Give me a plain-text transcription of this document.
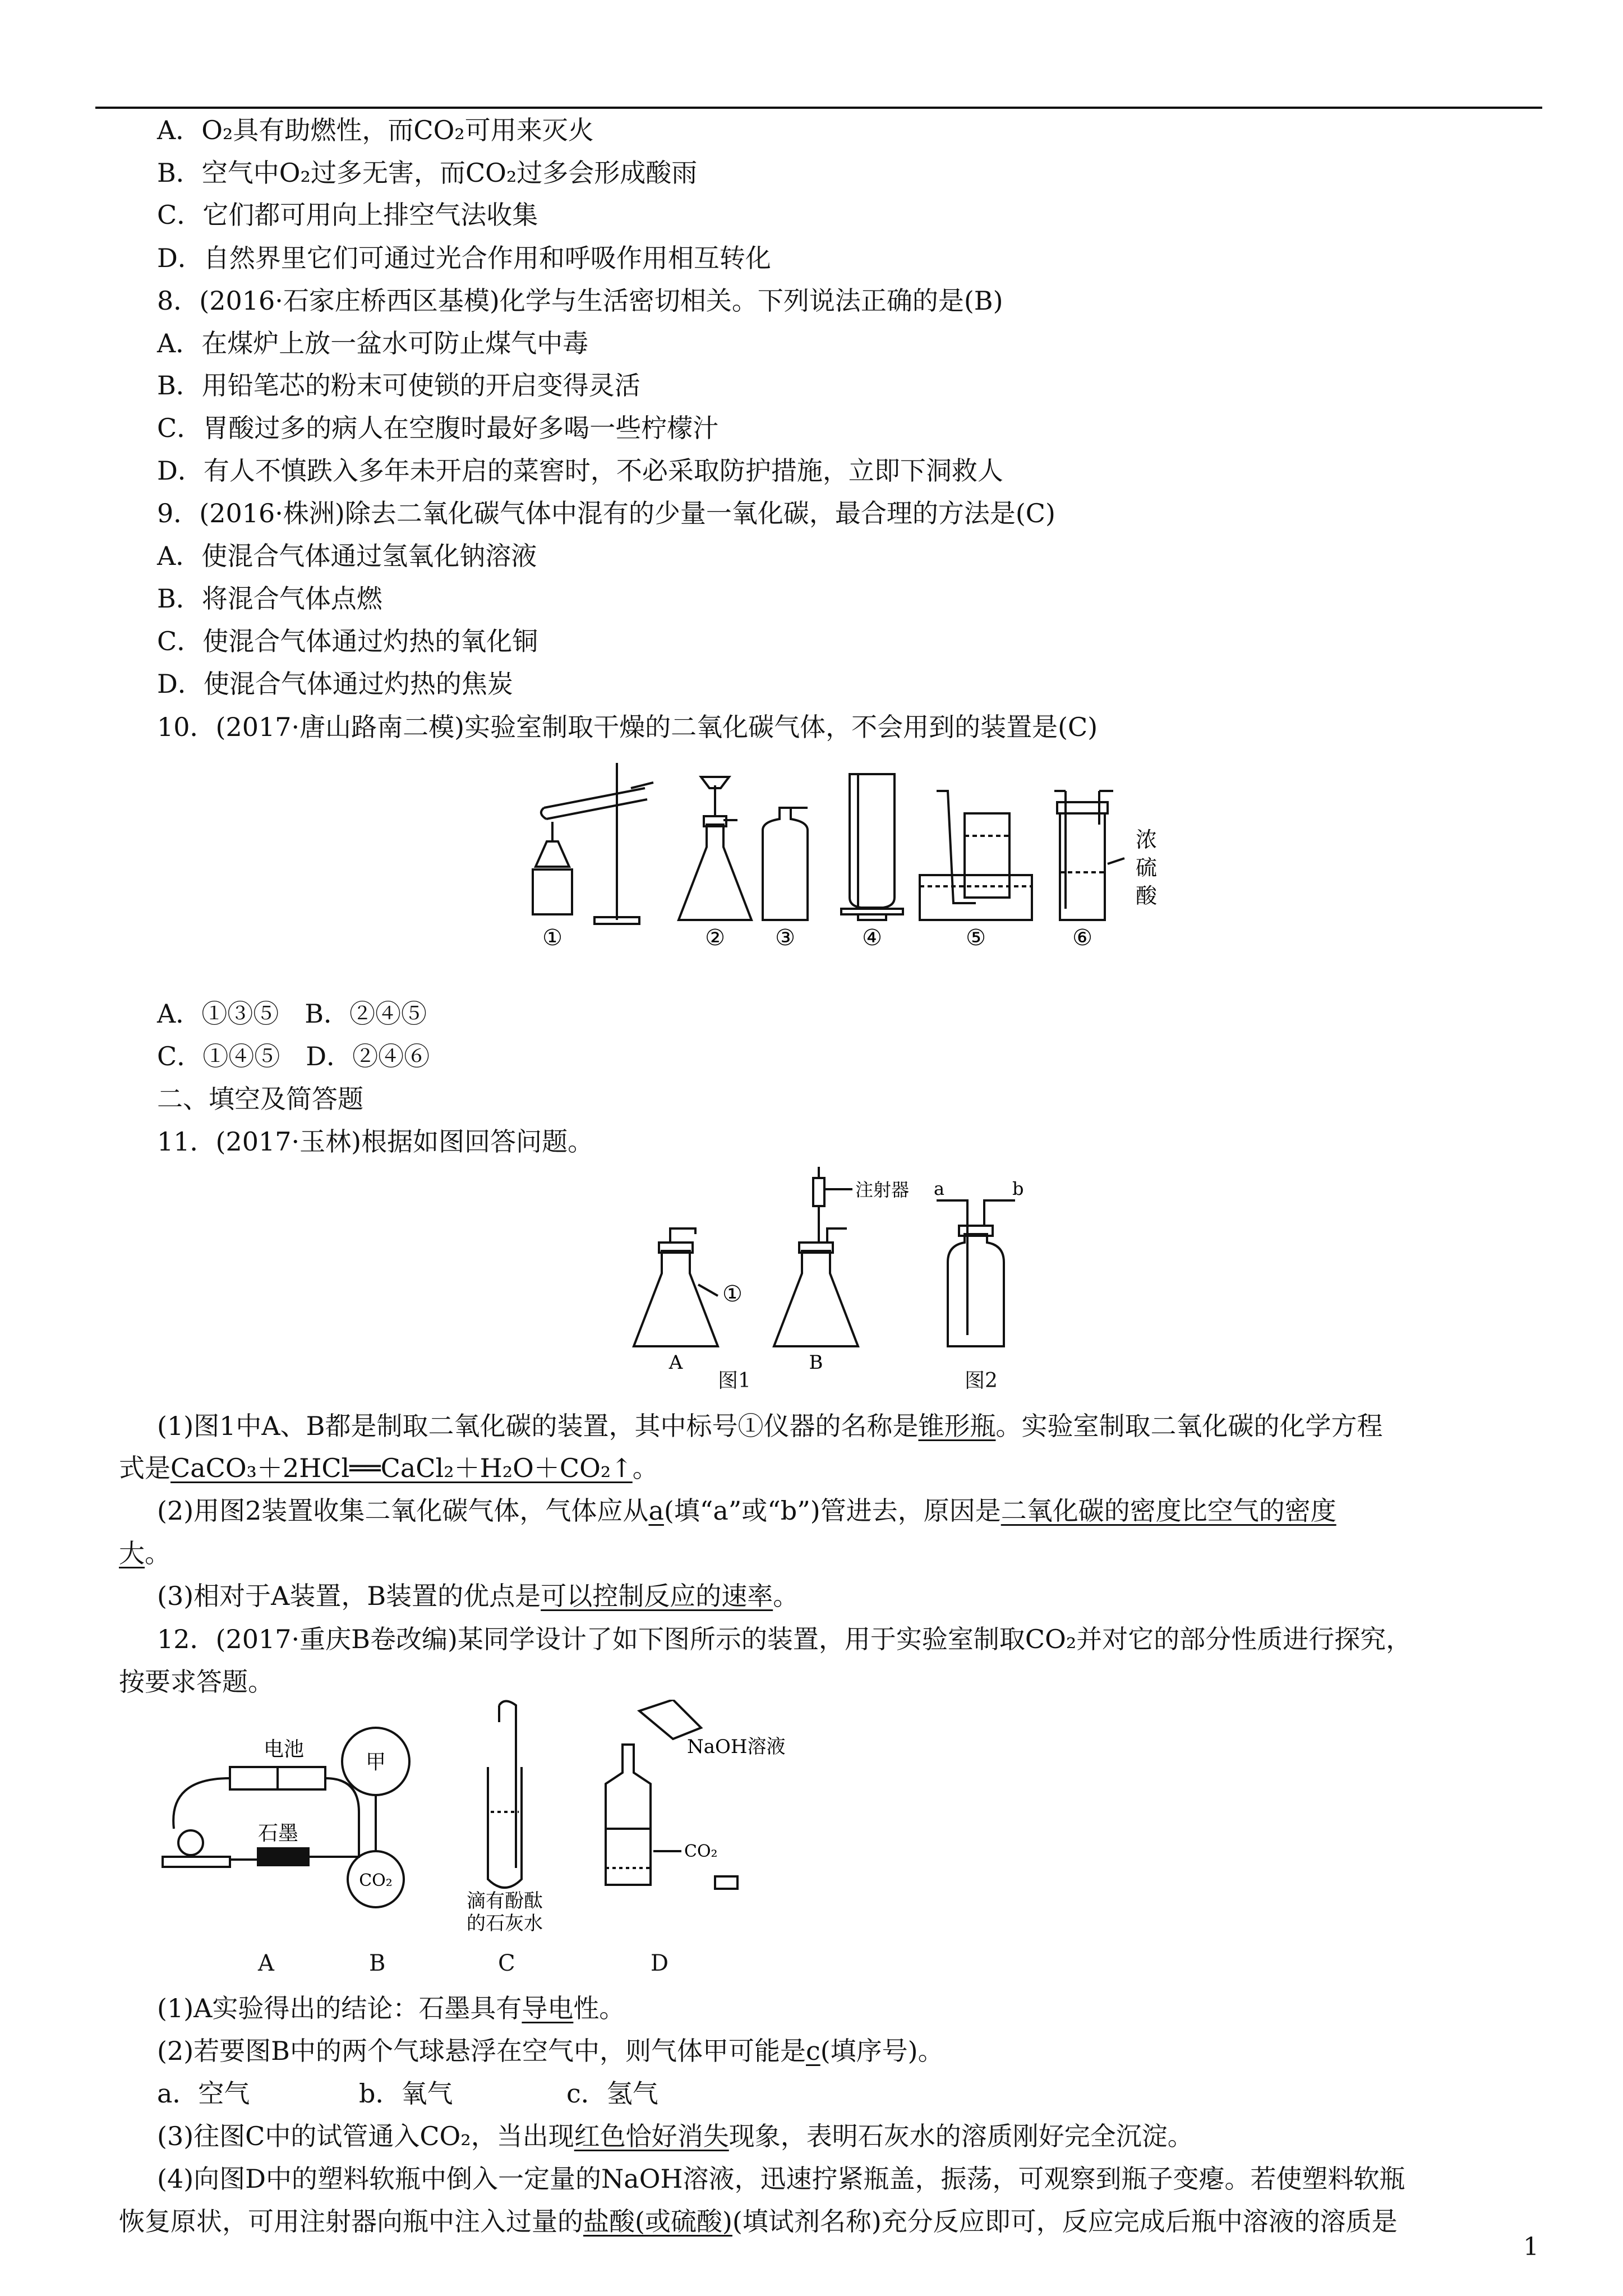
A．O₂具有助燃性，而CO₂可用来灭火
B．空气中O₂过多无害，而CO₂过多会形成酸雨
C．它们都可用向上排空气法收集
D．自然界里它们可通过光合作用和呼吸作用相互转化
8．(2016·石家庄桥西区基模)化学与生活密切相关。下列说法正确的是(B)
A．在煤炉上放一盆水可防止煤气中毒
B．用铅笔芯的粉末可使锁的开启变得灵活
C．胃酸过多的病人在空腹时最好多喝一些柠檬汁
D．有人不慎跌入多年未开启的菜窖时，不必采取防护措施，立即下洞救人
9．(2016·株洲)除去二氧化碳气体中混有的少量一氧化碳，最合理的方法是(C)
A．使混合气体通过氢氧化钠溶液
B．将混合气体点燃
C．使混合气体通过灼热的氧化铜
D．使混合气体通过灼热的焦炭
10．(2017·唐山路南二模)实验室制取干燥的二氧化碳气体，不会用到的装置是(C)
浓
硫
酸
①	② ③	④	⑤	⑥
A．①③⑤　B．②④⑤
C．①④⑤　D．②④⑥
二、填空及简答题
11．(2017·玉林)根据如图回答问题。
①
注射器 a	b
A	B
图1	图2
(1)图1中A、B都是制取二氧化碳的装置，其中标号①仪器的名称是锥形瓶。实验室制取二氧化碳的化学方程
式是CaCO₃＋2HCl══CaCl₂＋H₂O＋CO₂↑。
(2)用图2装置收集二氧化碳气体，气体应从a(填“a”或“b”)管进去，原因是二氧化碳的密度比空气的密度
大。
(3)相对于A装置，B装置的优点是可以控制反应的速率。
12．(2017·重庆B卷改编)某同学设计了如下图所示的装置，用于实验室制取CO₂并对它的部分性质进行探究，
按要求答题。
电池
石墨
甲
CO₂
滴有酚酞
的石灰水
NaOH溶液
CO₂
A	B	C	D
(1)A实验得出的结论：石墨具有导电性。
(2)若要图B中的两个气球悬浮在空气中，则气体甲可能是c(填序号)。
a．空气	b．氧气	c．氢气
(3)往图C中的试管通入CO₂，当出现红色恰好消失现象，表明石灰水的溶质刚好完全沉淀。
(4)向图D中的塑料软瓶中倒入一定量的NaOH溶液，迅速拧紧瓶盖，振荡，可观察到瓶子变瘪。若使塑料软瓶
恢复原状，可用注射器向瓶中注入过量的盐酸(或硫酸)(填试剂名称)充分反应即可，反应完成后瓶中溶液的溶质是
1
